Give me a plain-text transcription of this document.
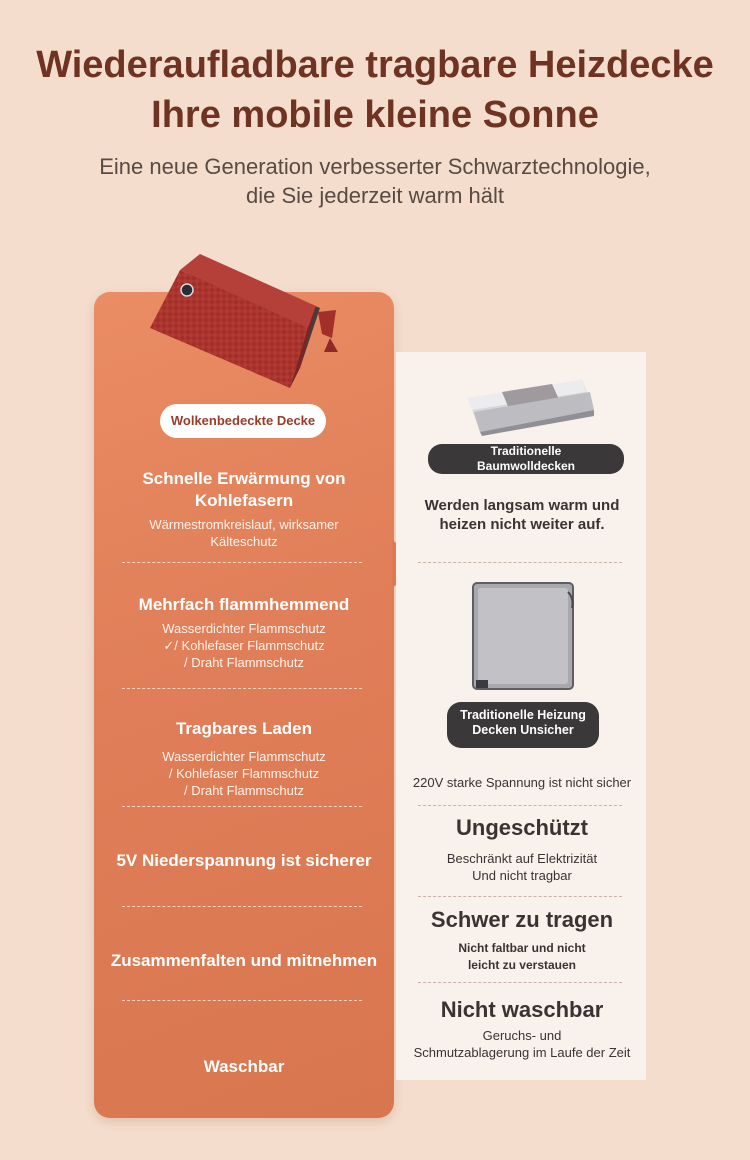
Wiederaufladbare tragbare Heizdecke
Ihre mobile kleine Sonne
Eine neue Generation verbesserter Schwarztechnologie,
die Sie jederzeit warm hält
Wolkenbedeckte Decke
Schnelle Erwärmung von
Kohlefasern
Wärmestromkreislauf, wirksamer
Kälteschutz
Mehrfach flammhemmend
Wasserdichter Flammschutz
✓/ Kohlefaser Flammschutz
/ Draht Flammschutz
Tragbares Laden
Wasserdichter Flammschutz
/ Kohlefaser Flammschutz
/ Draht Flammschutz
5V Niederspannung ist sicherer
Zusammenfalten und mitnehmen
Waschbar
Traditionelle
Baumwolldecken
Werden langsam warm und
heizen nicht weiter auf.
Traditionelle Heizung
Decken Unsicher
220V starke Spannung ist nicht sicher
Ungeschützt
Beschränkt auf Elektrizität
Und nicht tragbar
Schwer zu tragen
Nicht faltbar und nicht
leicht zu verstauen
Nicht waschbar
Geruchs- und
Schmutzablagerung im Laufe der Zeit
